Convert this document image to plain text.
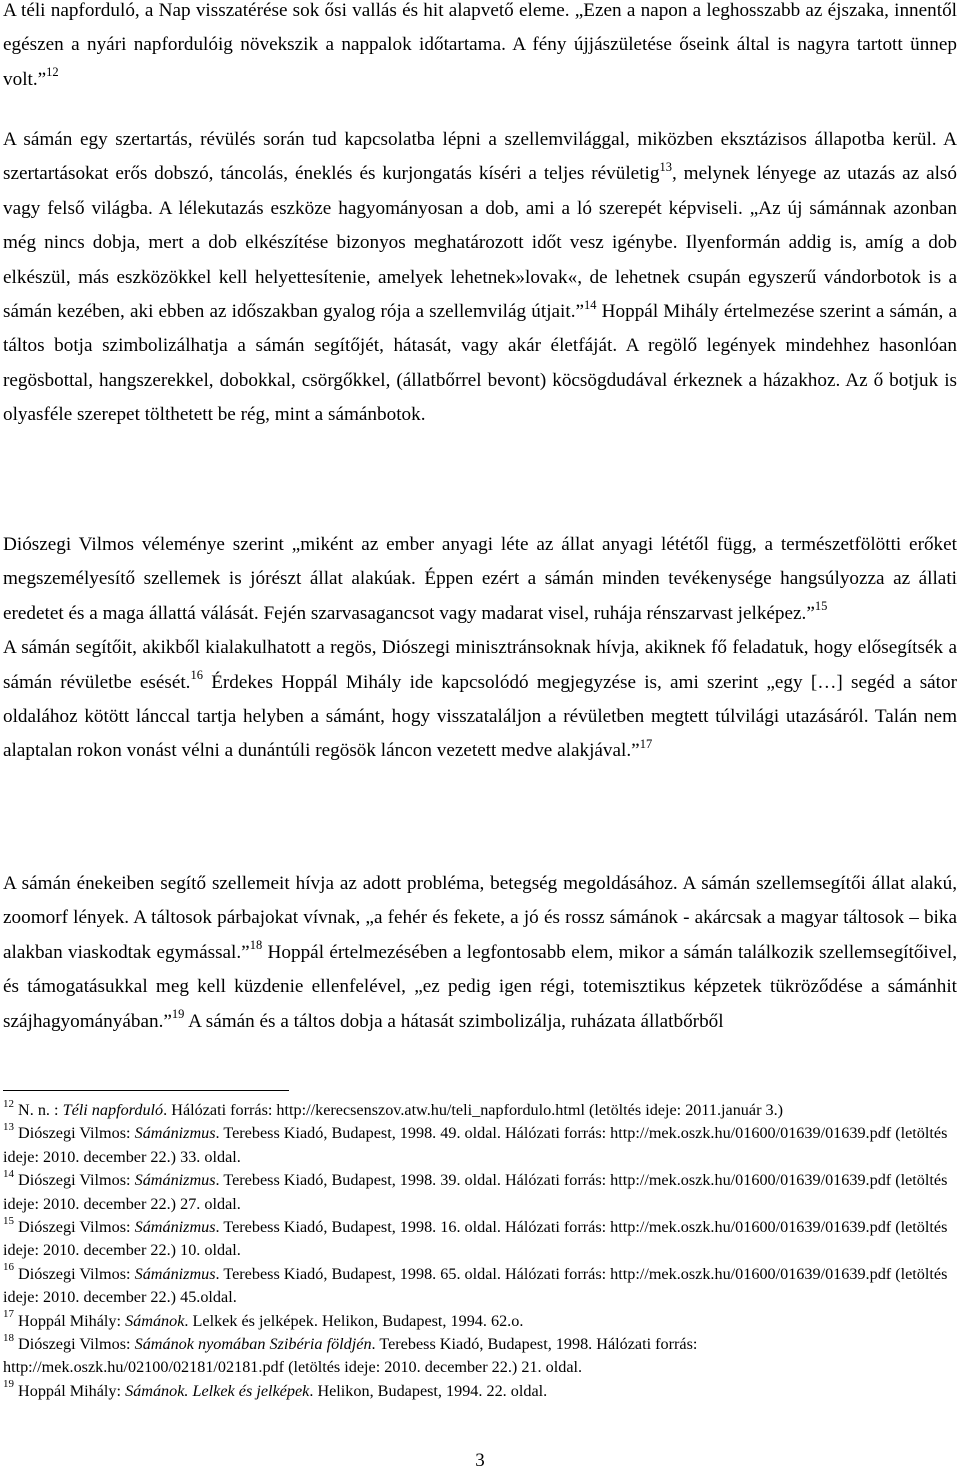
A téli napforduló, a Nap visszatérése sok ősi vallás és hit alapvető eleme. „Ezen a napon a leghosszabb az éjszaka, innentől egészen a nyári napfordulóig növekszik a nappalok időtartama. A fény újjászületése őseink által is nagyra tartott ünnep volt.”$^{12}$

A sámán egy szertartás, révülés során tud kapcsolatba lépni a szellemvilággal, miközben eksztázisos állapotba kerül. A szertartásokat erős dobszó, táncolás, éneklés és kurjongatás kíséri a teljes révületig$^{13}$, melynek lényege az utazás az alsó vagy felső világba. A lélekutazás eszköze hagyományosan a dob, ami a ló szerepét képviseli. „Az új sámánnak azonban még nincs dobja, mert a dob elkészítése bizonyos meghatározott időt vesz igénybe. Ilyenformán addig is, amíg a dob elkészül, más eszközökkel kell helyettesítenie, amelyek lehetnek»lovak«, de lehetnek csupán egyszerű vándorbotok is a sámán kezében, aki ebben az időszakban gyalog rója a szellemvilág útjait.”$^{14}$ Hoppál Mihály értelmezése szerint a sámán, a táltos botja szimbolizálhatja a sámán segítőjét, hátasát, vagy akár életfáját. A regölő legények mindehhez hasonlóan regösbottal, hangszerekkel, dobokkal, csörgőkkel, (állatbőrrel bevont) köcsögdudával érkeznek a házakhoz. Az ő botjuk is olyasféle szerepet tölthetett be rég, mint a sámánbotok.

Diószegi Vilmos véleménye szerint „miként az ember anyagi léte az állat anyagi lététől függ, a természetfölötti erőket megszemélyesítő szellemek is jórészt állat alakúak. Éppen ezért a sámán minden tevékenysége hangsúlyozza az állati eredetet és a maga állattá válását. Fején szarvasagancsot vagy madarat visel, ruhája rénszarvast jelképez.”$^{15}$
A sámán segítőit, akikből kialakulhatott a regös, Diószegi minisztránsoknak hívja, akiknek fő feladatuk, hogy elősegítsék a sámán révületbe esését.$^{16}$ Érdekes Hoppál Mihály ide kapcsolódó megjegyzése is, ami szerint „egy […] segéd a sátor oldalához kötött lánccal tartja helyben a sámánt, hogy visszataláljon a révületben megtett túlvilági utazásáról. Talán nem alaptalan rokon vonást vélni a dunántúli regösök láncon vezetett medve alakjával.”$^{17}$

A sámán énekeiben segítő szellemeit hívja az adott probléma, betegség megoldásához. A sámán szellemsegítői állat alakú, zoomorf lények. A táltosok párbajokat vívnak, „a fehér és fekete, a jó és rossz sámánok - akárcsak a magyar táltosok – bika alakban viaskodtak egymással.”$^{18}$ Hoppál értelmezésében a legfontosabb elem, mikor a sámán találkozik szellemsegítőivel, és támogatásukkal meg kell küzdenie ellenfelével, „ez pedig igen régi, totemisztikus képzetek tükröződése a sámánhit szájhagyományában.”$^{19}$ A sámán és a táltos dobja a hátasát szimbolizálja, ruházata állatbőrből

$^{12}$ N. n. : Téli napforduló. Hálózati forrás: http://kerecsenszov.atw.hu/teli_napfordulo.html (letöltés ideje: 2011.január 3.)

$^{13}$ Diószegi Vilmos: Sámánizmus. Terebess Kiadó, Budapest, 1998. 49. oldal. Hálózati forrás: http://mek.oszk.hu/01600/01639/01639.pdf (letöltés ideje: 2010. december 22.) 33. oldal.

$^{14}$ Diószegi Vilmos: Sámánizmus. Terebess Kiadó, Budapest, 1998. 39. oldal. Hálózati forrás: http://mek.oszk.hu/01600/01639/01639.pdf (letöltés ideje: 2010. december 22.) 27. oldal.

$^{15}$ Diószegi Vilmos: Sámánizmus. Terebess Kiadó, Budapest, 1998. 16. oldal. Hálózati forrás: http://mek.oszk.hu/01600/01639/01639.pdf (letöltés ideje: 2010. december 22.) 10. oldal.

$^{16}$ Diószegi Vilmos: Sámánizmus. Terebess Kiadó, Budapest, 1998. 65. oldal. Hálózati forrás: http://mek.oszk.hu/01600/01639/01639.pdf (letöltés ideje: 2010. december 22.) 45.oldal.

$^{17}$ Hoppál Mihály: Sámánok. Lelkek és jelképek. Helikon, Budapest, 1994. 62.o.

$^{18}$ Diószegi Vilmos: Sámánok nyomában Szibéria földjén. Terebess Kiadó, Budapest, 1998. Hálózati forrás: http://mek.oszk.hu/02100/02181/02181.pdf (letöltés ideje: 2010. december 22.) 21. oldal.

$^{19}$ Hoppál Mihály: Sámánok. Lelkek és jelképek. Helikon, Budapest, 1994. 22. oldal.

3
